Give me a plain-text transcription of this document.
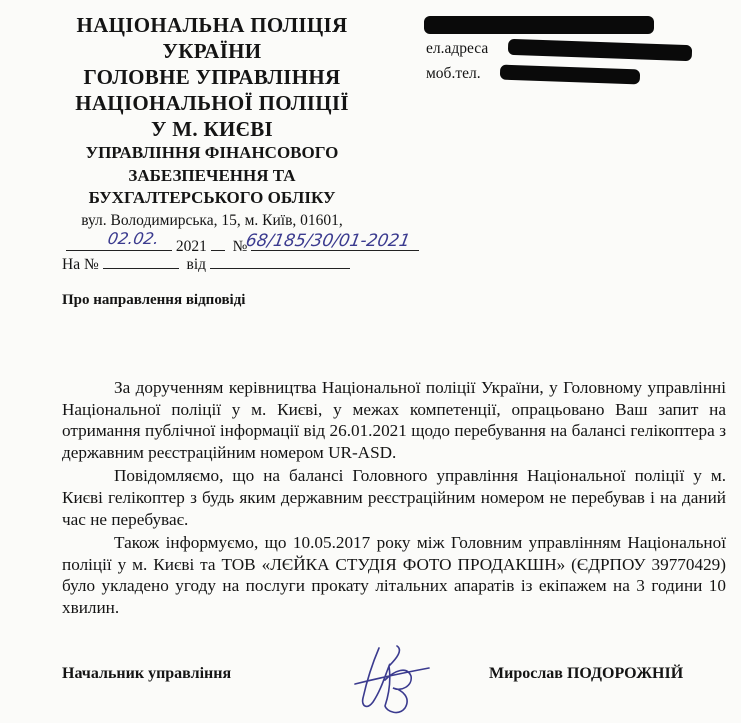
НАЦІОНАЛЬНА ПОЛІЦІЯ
УКРАЇНИ
ГОЛОВНЕ УПРАВЛІННЯ
НАЦІОНАЛЬНОЇ ПОЛІЦІЇ
У М. КИЄВІ
УПРАВЛІННЯ ФІНАНСОВОГО
ЗАБЕЗПЕЧЕННЯ ТА
БУХГАЛТЕРСЬКОГО ОБЛІКУ
вул. Володимирська, 15, м. Київ, 01601,
ел.адреса
моб.тел.
2021 №
02.02.	68/185/30/01-2021
На №	від
Про направлення відповіді

За дорученням керівництва Національної поліції України, у Головному управлінні Національної поліції у м. Києві, у межах компетенції, опрацьовано Ваш запит на отримання публічної інформації від 26.01.2021 щодо перебування на балансі гелікоптера з державним реєстраційним номером UR-ASD.

Повідомляємо, що на балансі Головного управління Національної поліції у м. Києві гелікоптер з будь яким державним реєстраційним номером не перебував і на даний час не перебуває.

Також інформуємо, що 10.05.2017 року між Головним управлінням Національної поліції у м. Києві та ТОВ «ЛЄЙКА СТУДІЯ ФОТО ПРОДАКШН» (ЄДРПОУ 39770429) було укладено угоду на послуги прокату літальних апаратів із екіпажем на 3 години 10 хвилин.

Начальник управління	Мирослав ПОДОРОЖНІЙ
